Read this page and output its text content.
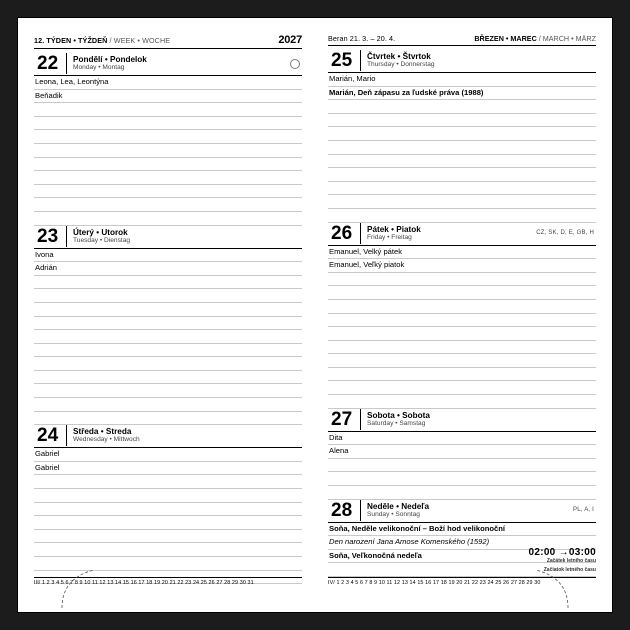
12. TÝDEN • TÝŽDEŇ / WEEK • WOCHE	2027
22	Pondělí • Pondelok
Monday • Montag
Leona, Lea, Leontýna
Beňadik
23	Úterý • Utorok
Tuesday • Dienstag
Ivona
Adrián
24	Středa • Streda
Wednesday • Mittwoch
Gabriel
Gabriel
III/ 1 2 3 4 5 6 7 8 9 10 11 12 13 14 15 16 17 18 19 20 21 22 23 24 25 26 27 28 29 30 31
Beran 21. 3. – 20. 4.	BŘEZEN • MAREC / MARCH • MÄRZ
25	Čtvrtek • Štvrtok
Thursday • Donnerstag
Marián, Mario
Marián, Deň zápasu za ľudské práva (1988)
26	Pátek • Piatok
Friday • Freitag
CZ, SK, D, E, GB, H
Emanuel, Velký pátek
Emanuel, Veľký piatok
27	Sobota • Sobota
Saturday • Samstag
Dita
Alena
28	Neděle • Nedeľa
Sunday • Sonntag
PL, A, I
Soňa, Neděle velikonoční – Boží hod velikonoční
Den narození Jana Amose Komenského (1592)
Soňa, Veľkonočná nedeľa	02:00 →03:00
Začátek letního času
Začiatok letného času
IV/ 1 2 3 4 5 6 7 8 9 10 11 12 13 14 15 16 17 18 19 20 21 22 23 24 25 26 27 28 29 30
